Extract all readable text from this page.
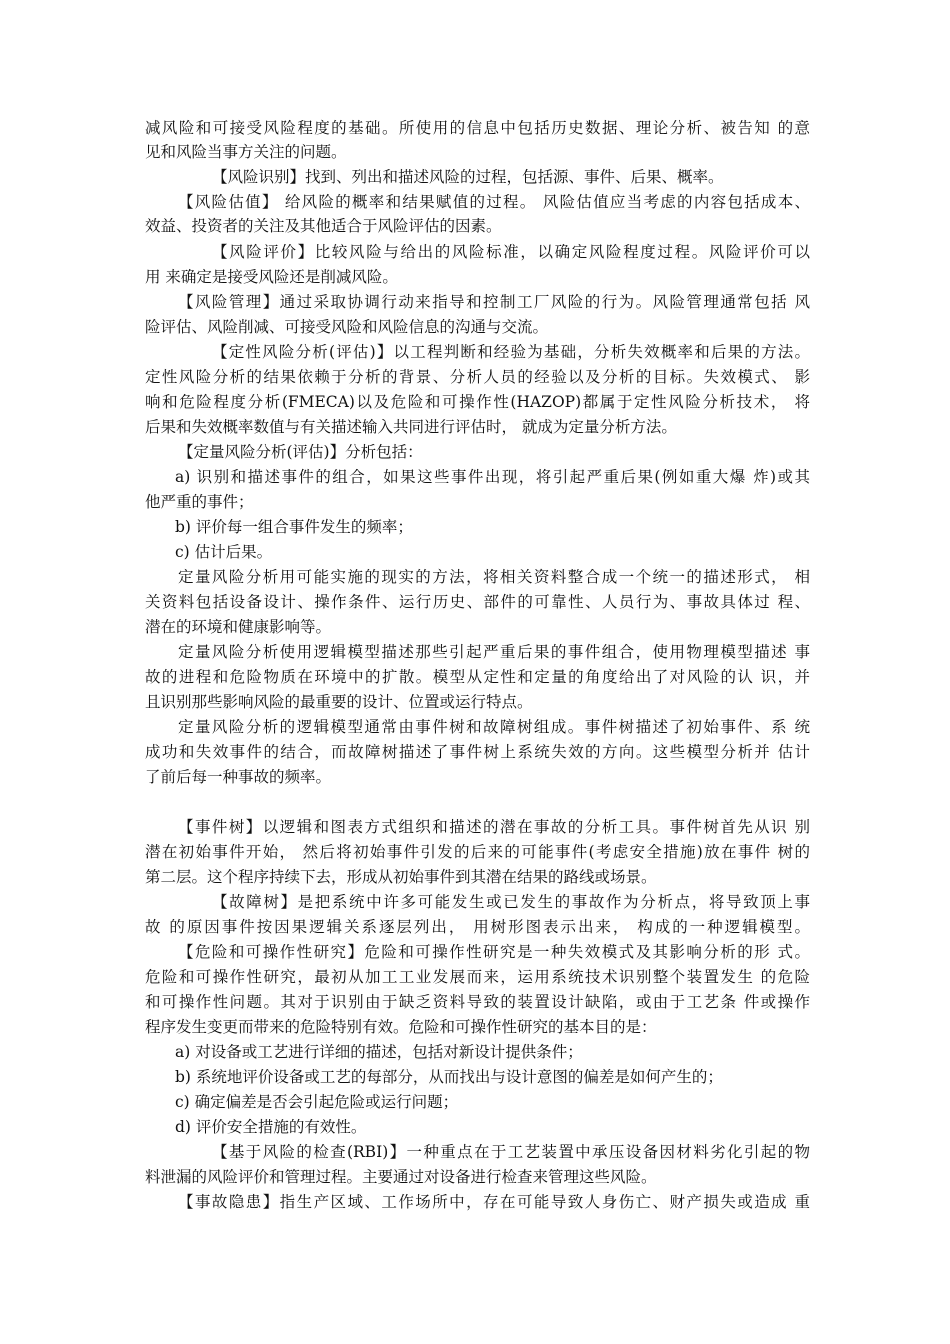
减风险和可接受风险程度的基础。所使用的信息中包括历史数据、理论分析、被告知 的意
见和风险当事方关注的问题。
【风险识别】找到、列出和描述风险的过程，包括源、事件、后果、概率。
【风险估值】 给风险的概率和结果赋值的过程。 风险估值应当考虑的内容包括成本、
效益、投资者的关注及其他适合于风险评估的因素。
【风险评价】比较风险与给出的风险标准，以确定风险程度过程。风险评价可以
用 来确定是接受风险还是削减风险。
【风险管理】通过采取协调行动来指导和控制工厂风险的行为。风险管理通常包括 风
险评估、风险削减、可接受风险和风险信息的沟通与交流。
【定性风险分析(评估)】以工程判断和经验为基础，分析失效概率和后果的方法。
定性风险分析的结果依赖于分析的背景、分析人员的经验以及分析的目标。失效模式、 影
响和危险程度分析(FMECA)以及危险和可操作性(HAZOP)都属于定性风险分析技术， 将
后果和失效概率数值与有关描述输入共同进行评估时， 就成为定量分析方法。
【定量风险分析(评估)】分析包括：
a) 识别和描述事件的组合，如果这些事件出现，将引起严重后果(例如重大爆 炸)或其
他严重的事件；
b) 评价每一组合事件发生的频率；
c) 估计后果。
定量风险分析用可能实施的现实的方法，将相关资料整合成一个统一的描述形式， 相
关资料包括设备设计、操作条件、运行历史、部件的可靠性、人员行为、事故具体过 程、
潜在的环境和健康影响等。
定量风险分析使用逻辑模型描述那些引起严重后果的事件组合，使用物理模型描述 事
故的进程和危险物质在环境中的扩散。模型从定性和定量的角度给出了对风险的认 识，并
且识别那些影响风险的最重要的设计、位置或运行特点。
定量风险分析的逻辑模型通常由事件树和故障树组成。事件树描述了初始事件、系 统
成功和失效事件的结合，而故障树描述了事件树上系统失效的方向。这些模型分析并 估计
了前后每一种事故的频率。
【事件树】以逻辑和图表方式组织和描述的潜在事故的分析工具。事件树首先从识 别
潜在初始事件开始， 然后将初始事件引发的后来的可能事件(考虑安全措施)放在事件 树的
第二层。这个程序持续下去，形成从初始事件到其潜在结果的路线或场景。
【故障树】是把系统中许多可能发生或已发生的事故作为分析点，将导致顶上事
故 的原因事件按因果逻辑关系逐层列出， 用树形图表示出来， 构成的一种逻辑模型。
【危险和可操作性研究】危险和可操作性研究是一种失效模式及其影响分析的形 式。
危险和可操作性研究，最初从加工工业发展而来，运用系统技术识别整个装置发生 的危险
和可操作性问题。其对于识别由于缺乏资料导致的装置设计缺陷，或由于工艺条 件或操作
程序发生变更而带来的危险特别有效。危险和可操作性研究的基本目的是：
a) 对设备或工艺进行详细的描述，包括对新设计提供条件；
b) 系统地评价设备或工艺的每部分，从而找出与设计意图的偏差是如何产生的；
c) 确定偏差是否会引起危险或运行问题；
d) 评价安全措施的有效性。
【基于风险的检查(RBI)】一种重点在于工艺装置中承压设备因材料劣化引起的物
料泄漏的风险评价和管理过程。主要通过对设备进行检查来管理这些风险。
【事故隐患】指生产区域、工作场所中，存在可能导致人身伤亡、财产损失或造成 重
